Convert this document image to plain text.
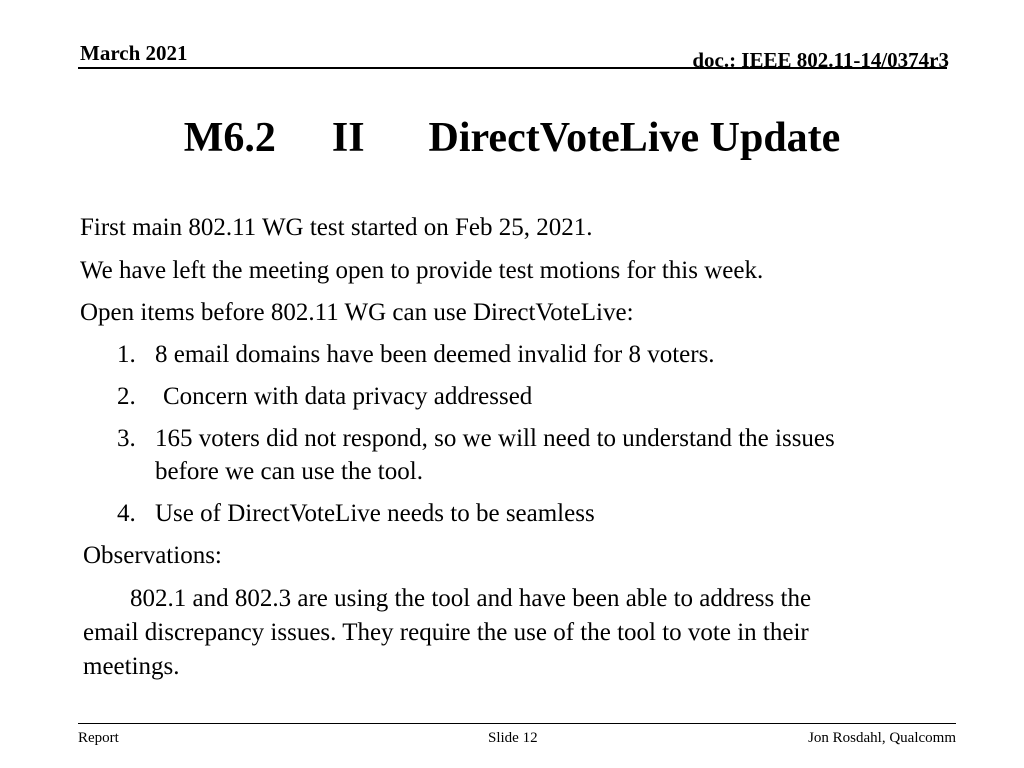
March 2021	doc.: IEEE 802.11-14/0374r3
M6.2 II DirectVoteLive Update
First main 802.11 WG test started on Feb 25, 2021.
We have left the meeting open to provide test motions for this week.
Open items before 802.11 WG can use DirectVoteLive:
1. 8 email domains have been deemed invalid for 8 voters.
2. Concern with data privacy addressed
3. 165 voters did not respond, so we will need to understand the issues
before we can use the tool.
4. Use of DirectVoteLive needs to be seamless
Observations:
802.1 and 802.3 are using the tool and have been able to address the
email discrepancy issues. They require the use of the tool to vote in their
meetings.
Report	Slide 12	Jon Rosdahl, Qualcomm
